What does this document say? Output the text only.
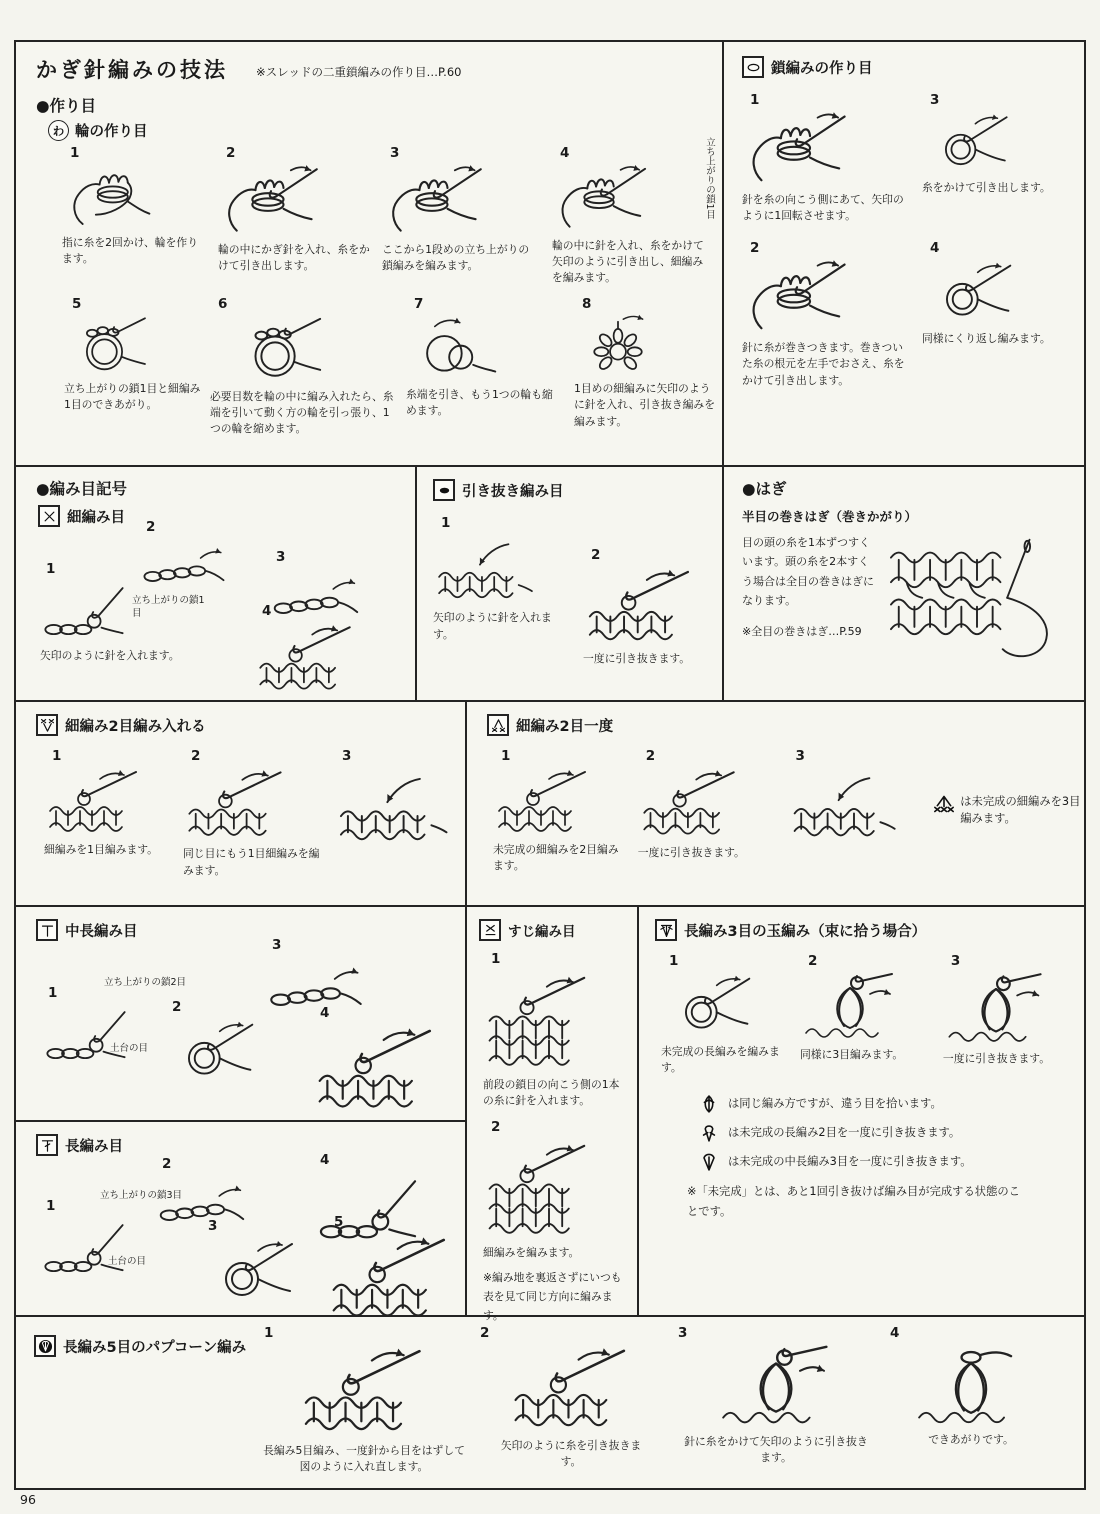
かぎ針編みの技法 ※スレッドの二重鎖編みの作り目…P.60
●作り目
わ 輪の作り目
1
指に糸を2回かけ、輪を作ります。
2
輪の中にかぎ針を入れ、糸をかけて引き出します。
3
ここから1段めの立ち上がりの鎖編みを編みます。
4	立ち上がりの鎖1目
輪の中に針を入れ、糸をかけて矢印のように引き出し、細編みを編みます。
5
立ち上がりの鎖1目と細編み1目のできあがり。
6
必要目数を輪の中に編み入れたら、糸端を引いて動く方の輪を引っ張り、1つの輪を縮めます。
7
糸端を引き、もう1つの輪も縮めます。
8
1目めの細編みに矢印のように針を入れ、引き抜き編みを編みます。
鎖編みの作り目
1
針を糸の向こう側にあて、矢印のように1回転させます。
3
糸をかけて引き出します。
2
針に糸が巻きつきます。巻きついた糸の根元を左手でおさえ、糸をかけて引き出します。
4
同様にくり返し編みます。
●編み目記号
細編み目
2
1
立ち上がりの鎖1目
3
4
矢印のように針を入れます。
引き抜き編み目
1
矢印のように針を入れます。
2
一度に引き抜きます。
●はぎ
半目の巻きはぎ（巻きかがり）
目の頭の糸を1本ずつすくいます。頭の糸を2本すくう場合は全目の巻きはぎになります。
※全目の巻きはぎ…P.59
細編み2目編み入れる
1
細編みを1目編みます。
2
同じ目にもう1目細編みを編みます。
3
細編み2目一度
1
未完成の細編みを2目編みます。
2
一度に引き抜きます。
3
は未完成の細編みを3目編みます。
中長編み目
3
1
立ち上がりの鎖2目
土台の目
2	4
長編み目
2	4
1
立ち上がりの鎖3目
土台の目
3	5
すじ編み目
1
前段の鎖目の向こう側の1本の糸に針を入れます。
2
細編みを編みます。
※編み地を裏返さずにいつも表を見て同じ方向に編みます。
長編み3目の玉編み（束に拾う場合）
1
未完成の長編みを編みます。
2
同様に3目編みます。
3
一度に引き抜きます。
は同じ編み方ですが、違う目を拾います。
は未完成の長編み2目を一度に引き抜きます。
は未完成の中長編み3目を一度に引き抜きます。
※「未完成」とは、あと1回引き抜けば編み目が完成する状態のことです。
長編み5目のパプコーン編み
1
長編み5目編み、一度針から目をはずして図のように入れ直します。
2
矢印のように糸を引き抜きます。
3
針に糸をかけて矢印のように引き抜きます。
4
できあがりです。
96
